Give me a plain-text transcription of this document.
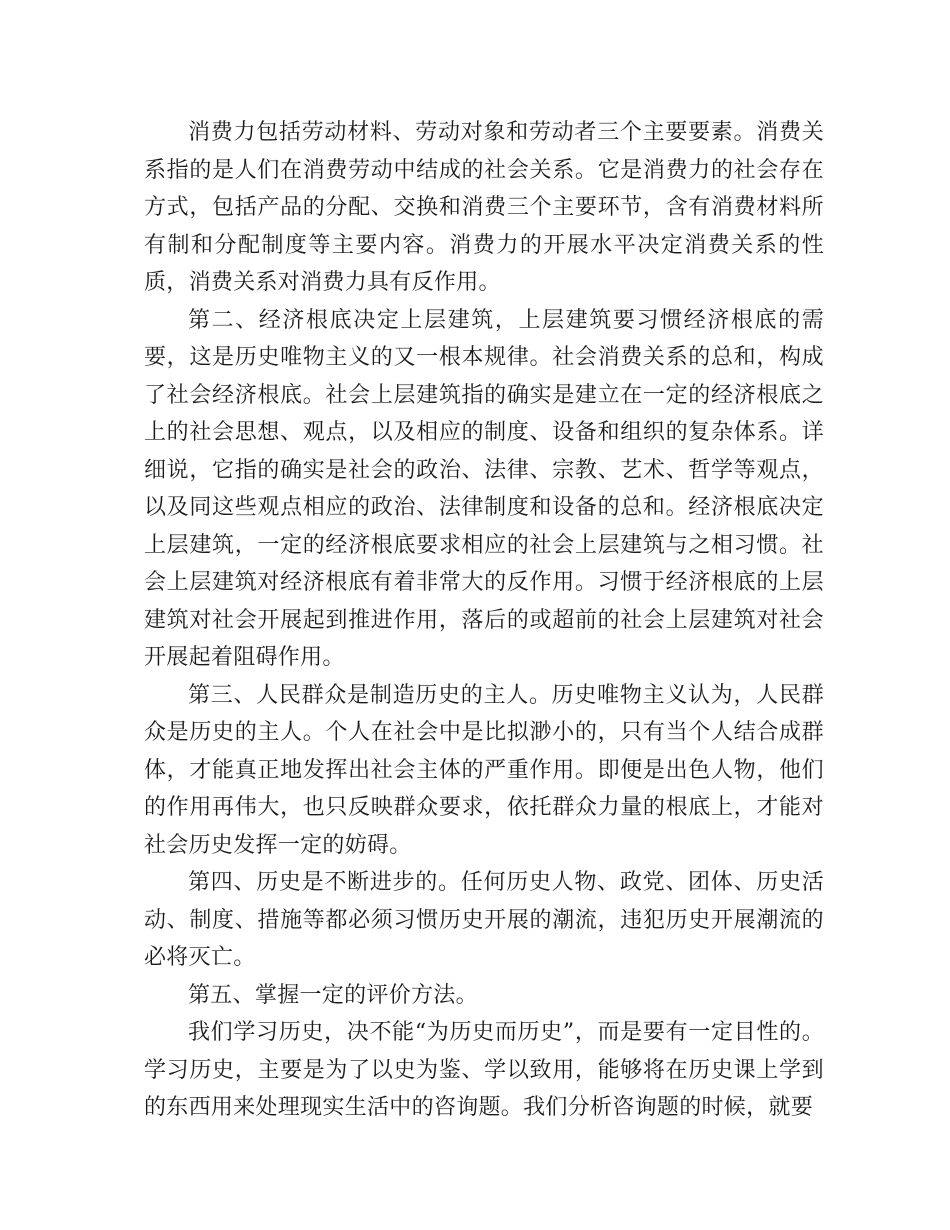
消费力包括劳动材料、劳动对象和劳动者三个主要要素。消费关系指的是人们在消费劳动中结成的社会关系。它是消费力的社会存在方式，包括产品的分配、交换和消费三个主要环节，含有消费材料所有制和分配制度等主要内容。消费力的开展水平决定消费关系的性质，消费关系对消费力具有反作用。

第二、经济根底决定上层建筑，上层建筑要习惯经济根底的需要，这是历史唯物主义的又一根本规律。社会消费关系的总和，构成了社会经济根底。社会上层建筑指的确实是建立在一定的经济根底之上的社会思想、观点，以及相应的制度、设备和组织的复杂体系。详细说，它指的确实是社会的政治、法律、宗教、艺术、哲学等观点，以及同这些观点相应的政治、法律制度和设备的总和。经济根底决定上层建筑，一定的经济根底要求相应的社会上层建筑与之相习惯。社会上层建筑对经济根底有着非常大的反作用。习惯于经济根底的上层建筑对社会开展起到推进作用，落后的或超前的社会上层建筑对社会开展起着阻碍作用。

第三、人民群众是制造历史的主人。历史唯物主义认为，人民群众是历史的主人。个人在社会中是比拟渺小的，只有当个人结合成群体，才能真正地发挥出社会主体的严重作用。即便是出色人物，他们的作用再伟大，也只反映群众要求，依托群众力量的根底上，才能对社会历史发挥一定的妨碍。

第四、历史是不断进步的。任何历史人物、政党、团体、历史活动、制度、措施等都必须习惯历史开展的潮流，违犯历史开展潮流的必将灭亡。

第五、掌握一定的评价方法。

我们学习历史，决不能“为历史而历史”，而是要有一定目性的。学习历史，主要是为了以史为鉴、学以致用，能够将在历史课上学到的东西用来处理现实生活中的咨询题。我们分析咨询题的时候，就要
